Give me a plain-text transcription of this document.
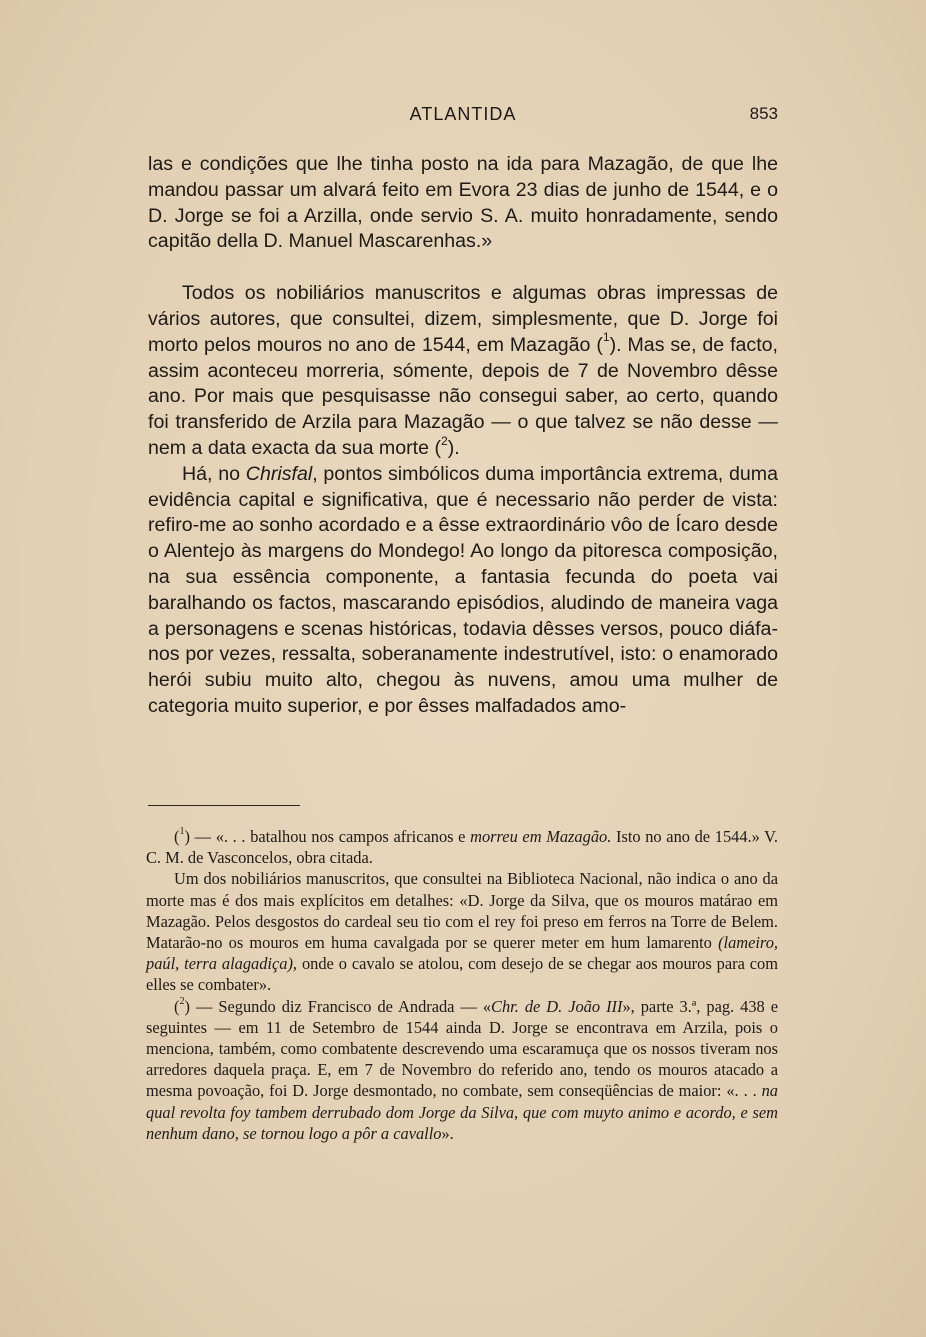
ATLANTIDA	853

las e condições que lhe tinha posto na ida para Mazagão, de que lhe mandou passar um alvará feito em Evora 23 dias de junho de 1544, e o D. Jorge se foi a Arzilla, onde servio S. A. muito honradamente, sendo capitão della D. Manuel Mascarenhas.»

Todos os nobiliários manuscritos e algumas obras impressas de vários autores, que consultei, dizem, simplesmente, que D. Jorge foi morto pelos mouros no ano de 1544, em Mazagão ($^1$). Mas se, de facto, assim aconteceu morreria, sómente, depois de 7 de Novembro dêsse ano. Por mais que pesquisasse não consegui saber, ao certo, quando foi transferido de Arzila para Mazagão — o que talvez se não desse — nem a data exacta da sua morte ($^2$).

Há, no Chrisfal, pontos simbólicos duma importância extrema, duma evidência capital e significativa, que é necessario não perder de vista: refiro-me ao sonho acordado e a êsse extraordinário vôo de Ícaro desde o Alentejo às margens do Mondego! Ao longo da pitoresca composição, na sua essência componente, a fantasia fecunda do poeta vai baralhando os factos, mascarando episódios, aludindo de maneira vaga a personagens e scenas históricas, todavia dêsses versos, pouco diáfanos por vezes, ressalta, soberanamente indestrutível, isto: o enamorado herói subiu muito alto, chegou às nuvens, amou uma mulher de categoria muito superior, e por êsses malfadados amo-

($^1$) — «. . . batalhou nos campos africanos e morreu em Mazagão. Isto no ano de 1544.» V. C. M. de Vasconcelos, obra citada.

Um dos nobiliários manuscritos, que consultei na Biblioteca Nacional, não indica o ano da morte mas é dos mais explícitos em detalhes: «D. Jorge da Silva, que os mouros matárao em Mazagão. Pelos desgostos do cardeal seu tio com el rey foi preso em ferros na Torre de Belem. Matarão-no os mouros em huma cavalgada por se querer meter em hum lamarento (lameiro, paúl, terra alagadiça), onde o cavalo se atolou, com desejo de se chegar aos mouros para com elles se combater».

($^2$) — Segundo diz Francisco de Andrada — «Chr. de D. João III», parte 3.ª, pag. 438 e seguintes — em 11 de Setembro de 1544 ainda D. Jorge se encontrava em Arzila, pois o menciona, também, como combatente descrevendo uma escaramuça que os nossos tiveram nos arredores daquela praça. E, em 7 de Novembro do referido ano, tendo os mouros atacado a mesma povoação, foi D. Jorge desmontado, no combate, sem conseqüências de maior: «. . . na qual revolta foy tambem derrubado dom Jorge da Silva, que com muyto animo e acordo, e sem nenhum dano, se tornou logo a pôr a cavallo».
